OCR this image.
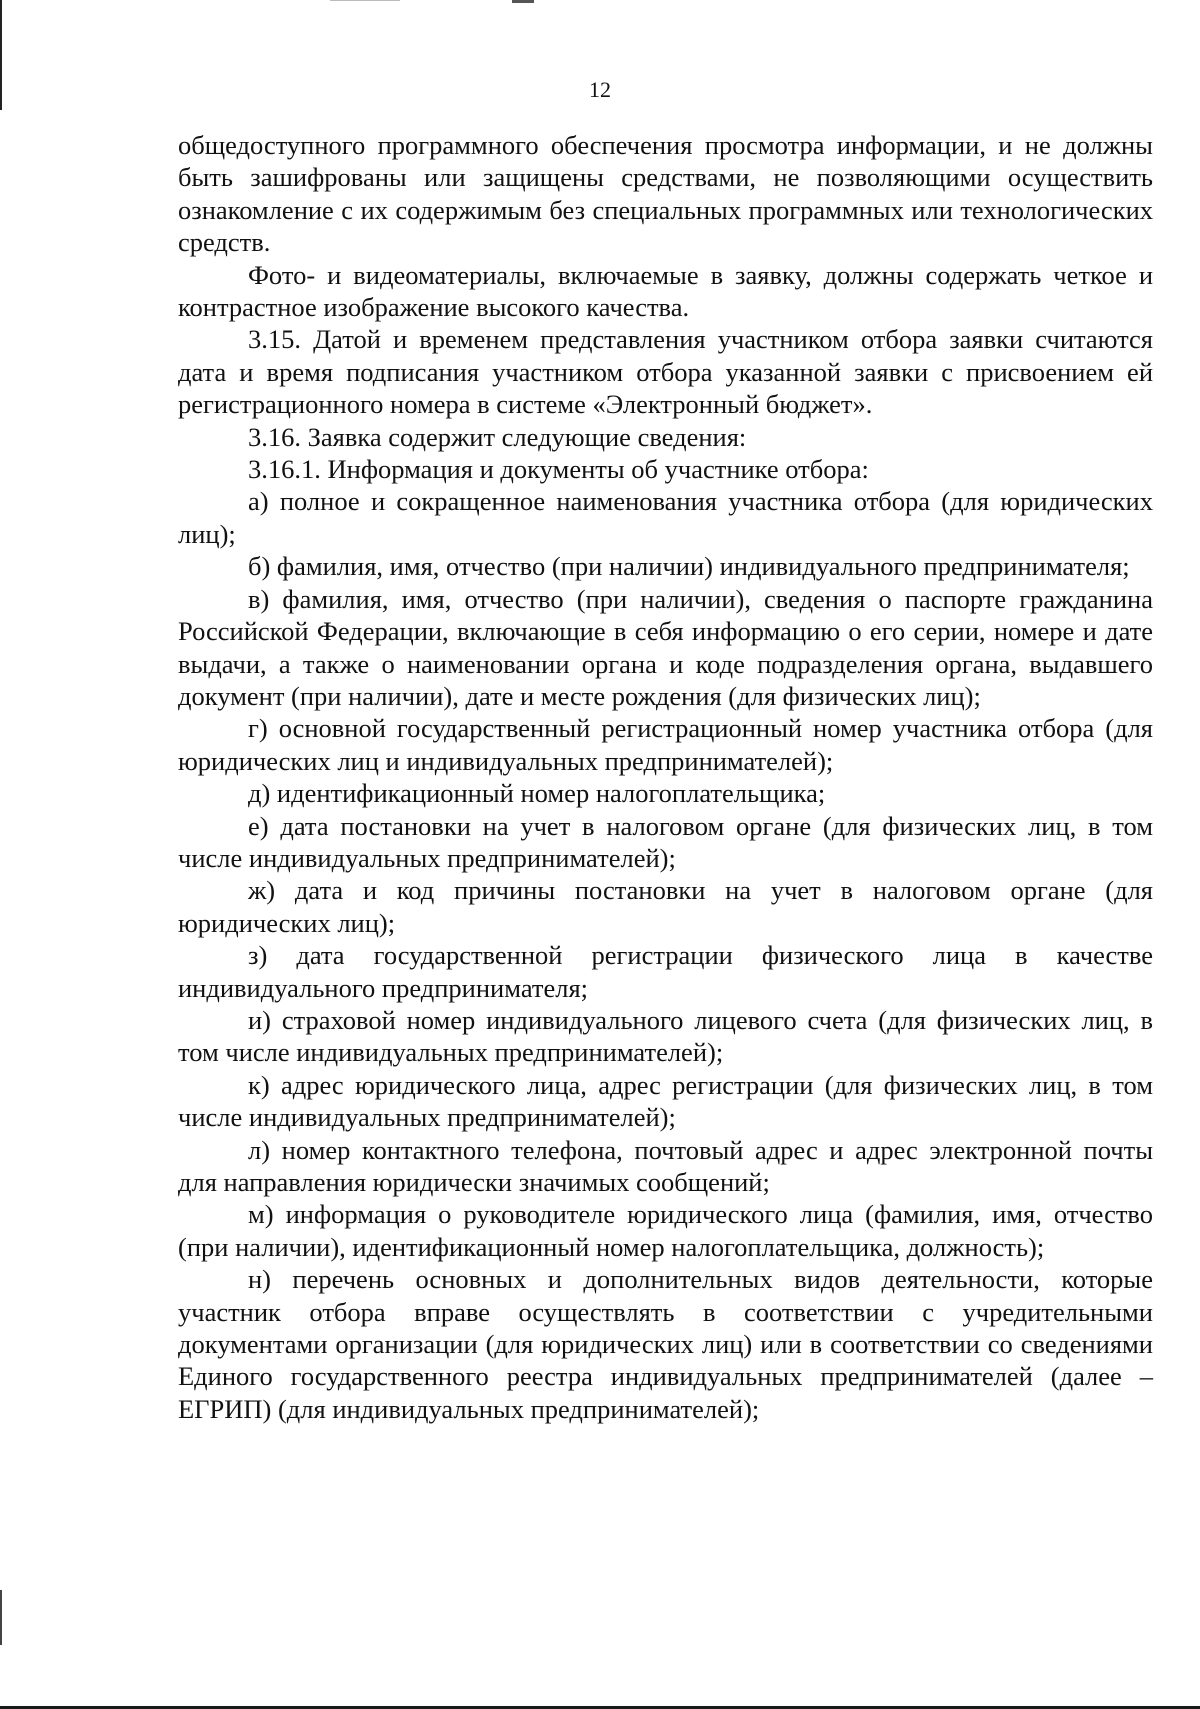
12

общедоступного программного обеспечения просмотра информации, и не должны быть зашифрованы или защищены средствами, не позволяющими осуществить ознакомление с их содержимым без специальных программных или технологических средств.

Фото- и видеоматериалы, включаемые в заявку, должны содержать четкое и контрастное изображение высокого качества.

3.15. Датой и временем представления участником отбора заявки считаются дата и время подписания участником отбора указанной заявки с присвоением ей регистрационного номера в системе «Электронный бюджет».

3.16. Заявка содержит следующие сведения:

3.16.1. Информация и документы об участнике отбора:

а) полное и сокращенное наименования участника отбора (для юридических лиц);

б) фамилия, имя, отчество (при наличии) индивидуального предпринимателя;

в) фамилия, имя, отчество (при наличии), сведения о паспорте гражданина Российской Федерации, включающие в себя информацию о его серии, номере и дате выдачи, а также о наименовании органа и коде подразделения органа, выдавшего документ (при наличии), дате и месте рождения (для физических лиц);

г) основной государственный регистрационный номер участника отбора (для юридических лиц и индивидуальных предпринимателей);

д) идентификационный номер налогоплательщика;

е) дата постановки на учет в налоговом органе (для физических лиц, в том числе индивидуальных предпринимателей);

ж) дата и код причины постановки на учет в налоговом органе (для юридических лиц);

з) дата государственной регистрации физического лица в качестве индивидуального предпринимателя;

и) страховой номер индивидуального лицевого счета (для физических лиц, в том числе индивидуальных предпринимателей);

к) адрес юридического лица, адрес регистрации (для физических лиц, в том числе индивидуальных предпринимателей);

л) номер контактного телефона, почтовый адрес и адрес электронной почты для направления юридически значимых сообщений;

м) информация о руководителе юридического лица (фамилия, имя, отчество (при наличии), идентификационный номер налогоплательщика, должность);

н) перечень основных и дополнительных видов деятельности, которые участник отбора вправе осуществлять в соответствии с учредительными документами организации (для юридических лиц) или в соответствии со сведениями Единого государственного реестра индивидуальных предпринимателей (далее – ЕГРИП) (для индивидуальных предпринимателей);
